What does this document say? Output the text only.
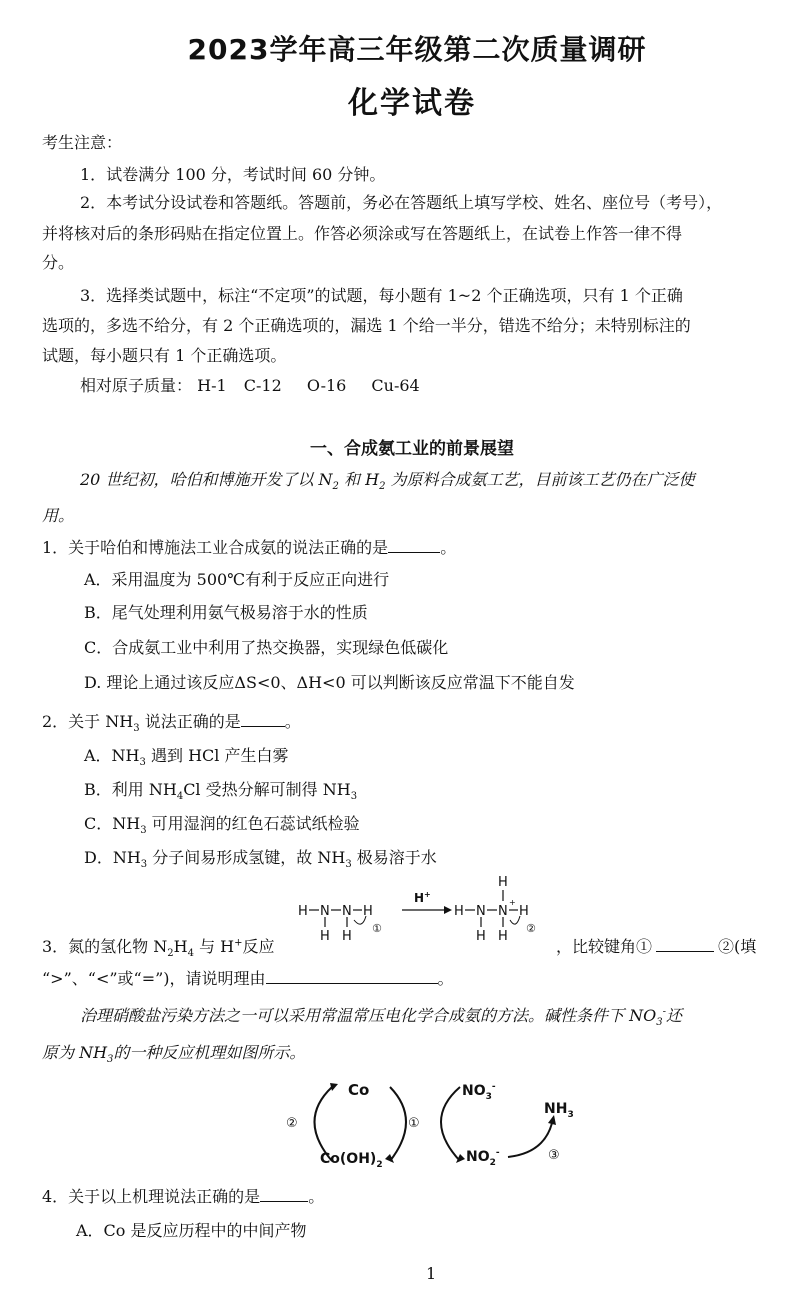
2023学年高三年级第二次质量调研
化学试卷
考生注意：
1．试卷满分 100 分，考试时间 60 分钟。
2．本考试分设试卷和答题纸。答题前，务必在答题纸上填写学校、姓名、座位号（考号），
并将核对后的条形码贴在指定位置上。作答必须涂或写在答题纸上，在试卷上作答一律不得
分。
3．选择类试题中，标注“不定项”的试题，每小题有 1~2 个正确选项，只有 1 个正确
选项的，多选不给分，有 2 个正确选项的，漏选 1 个给一半分，错选不给分；未特别标注的
试题，每小题只有 1 个正确选项。
相对原子质量： H-1 C-12 O-16 Cu-64
一、合成氨工业的前景展望
20 世纪初，哈伯和博施开发了以 $N_2$ 和 $H_2$ 为原料合成氨工艺，目前该工艺仍在广泛使
用。
1．关于哈伯和博施法工业合成氨的说法正确的是	。
A．采用温度为 500℃有利于反应正向进行
B．尾气处理利用氨气极易溶于水的性质
C．合成氨工业中利用了热交换器，实现绿色低碳化
D. 理论上通过该反应ΔS<0、ΔH<0 可以判断该反应常温下不能自发
2．关于 $NH_3$ 说法正确的是	。
A．$NH_3$ 遇到 HCl 产生白雾
B．利用 $NH_4Cl$ 受热分解可制得 $NH_3$
C．$NH_3$ 可用湿润的红色石蕊试纸检验
D．$NH_3$ 分子间易形成氢键，故 $NH_3$ 极易溶于水
H N N H
H H
①
H+
H N N
+
H
H
H H
②
3．氮的氢化物 $N_2H_4$ 与 H+反应	，比较键角①	②(填
“>”、“<”或“=”)，请说明理由	。
治理硝酸盐污染方法之一可以采用常温常压电化学合成氨的方法。碱性条件下 $NO_3^-$还
原为 $NH_3$的一种反应机理如图所示。
②
Co
$Co(OH)_2$
①
$NO_3^-$
$NO_2^-$
$NH_3$
③
4．关于以上机理说法正确的是	。
A．Co 是反应历程中的中间产物
1
